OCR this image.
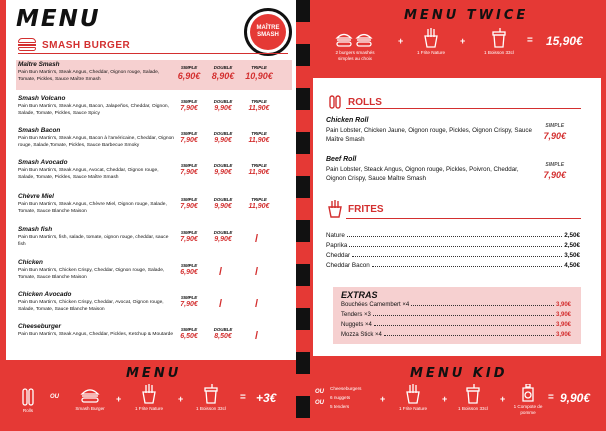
MENU	MAÎTRE SMASH
SMASH BURGER
Maître Smash
Pain Bun Martin's, Steak Angus, Cheddar, Oignon rouge, Salade, Tomate, Pickles, Sauce Maître Smash
SIMPLE
6,90€
DOUBLE
8,90€
TRIPLE
10,90€
Smash Volcano
Pain Bun Martin's, Steak Angus, Bacon, Jalapeños, Cheddar, Oignon, Salade, Tomate, Pickles, Sauce Spicy
SIMPLE
7,90€
DOUBLE
9,90€
TRIPLE
11,90€
Smash Bacon
Pain Bun Martin's, Steak Angus, Bacon à l'américaine, Cheddar, Oignon rouge, Salade,Tomate, Pickles, Sauce Barbecue Smoky
SIMPLE
7,90€
DOUBLE
9,90€
TRIPLE
11,90€
Smash Avocado
Pain Bun Martin's, Steak Angus, Avocat, Cheddar, Oignon rouge, Salade, Tomate, Pickles, Sauce Maître Smash
SIMPLE
7,90€
DOUBLE
9,90€
TRIPLE
11,90€
Chèvre Miel
Pain Bun Martin's, Steak Angus, Chèvre Miel, Oignon rouge, Salade, Tomate, Sauce Blanche Maison
SIMPLE
7,90€
DOUBLE
9,90€
TRIPLE
11,90€
Smash fish
Pain Bun Martin's, fish, salade, tomate, oignon rouge, cheddar, sauce fish
SIMPLE
7,90€
DOUBLE
9,90€	/
Chicken
Pain Bun Martin's, Chicken Crispy, Cheddar, Oignon rouge, Salade, Tomate, Sauce Blanche Maison
SIMPLE
6,90€	/	/
Chicken Avocado
Pain Bun Martin's, Chicken Crispy, Cheddar, Avocat, Oignon rouge, Salade, Tomate, Sauce Blanche Maison
SIMPLE
7,90€	/	/
Cheeseburger
Pain Bun Martin's, Steak Angus, Cheddar, Pickles, Ketchup & Moutarde
SIMPLE
6,50€
DOUBLE
8,50€	/
MENU TWICE
2 burgers smashés simples au choix
+
1 Frite Nature
+
1 Boisson 33cl
= 15,90€
ROLLS
Chicken Roll
Pain Lobster, Chicken Jaune, Oignon rouge, Pickles, Oignon Crispy, Sauce Maître Smash
SIMPLE
7,90€
Beef Roll
Pain Lobster, Steack Angus, Oignon rouge, Pickles, Poivron, Cheddar, Oignon Crispy, Sauce Maître Smash
SIMPLE
7,90€
FRITES
Nature	2,50€
Paprika	2,50€
Cheddar	3,50€
Cheddar Bacon	4,50€
EXTRAS
Bouchées Camembert ×4	3,90€
Tenders ×3	3,90€
Nuggets ×4	3,90€
Mozza Stick ×4	3,90€
MENU
Rolls
OU
Smash Burger
+
1 Frite Nature
+
1 Boisson 33cl
= +3€
MENU KID
OU
OU
Cheeseburgers
6 nuggets
5 tenders
+
1 Frite Nature
+
1 Boisson 33cl
+
1 Compote de pomme
= 9,90€
